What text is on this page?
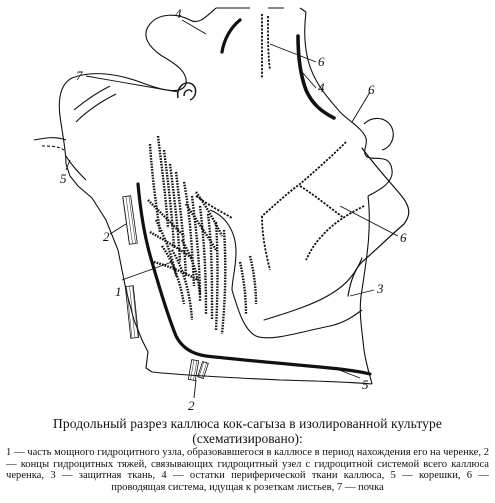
4
7
6
4	6
5
2	6
1	3
5
2
Продольный разрез каллюса кок-сагыза в изолированной культуре
(схематизировано):
1 — часть мощного гидроцитного узла, образовавшегося в каллюсе в период нахождения его на черенке, 2 — концы гидроцитных тяжей, связывающих гидроцитный узел с гидроцитной системой всего каллюса черенка, 3 — защитная ткань, 4 — остатки периферической ткани каллюса, 5 — корешки, 6 — проводящая система, идущая к розеткам листьев, 7 — почка
